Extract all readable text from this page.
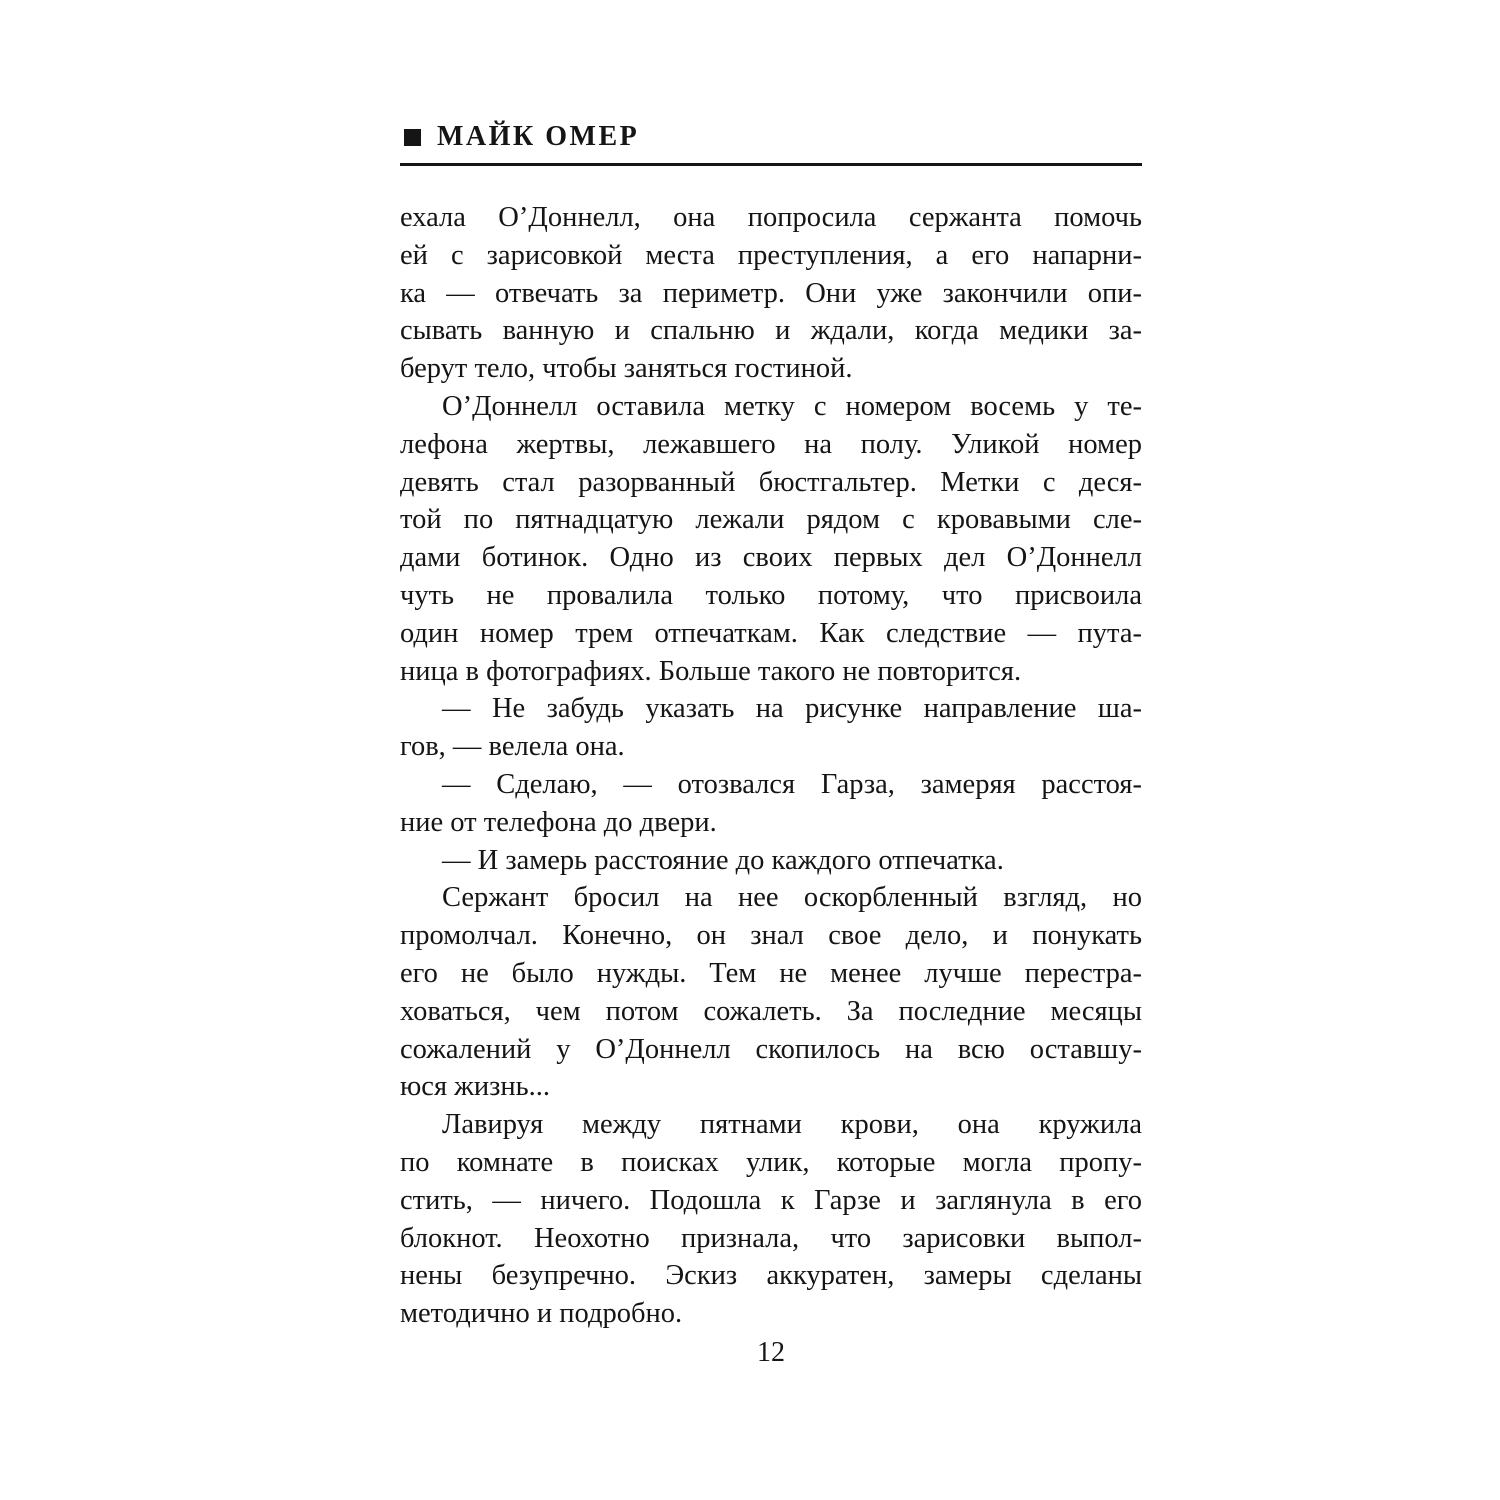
МАЙК ОМЕР
ехала О’Доннелл, она попросила сержанта помочь
ей с зарисовкой места преступления, а его напарни-
ка — отвечать за периметр. Они уже закончили опи-
сывать ванную и спальню и ждали, когда медики за-
берут тело, чтобы заняться гостиной.
О’Доннелл оставила метку с номером восемь у те-
лефона жертвы, лежавшего на полу. Уликой номер
девять стал разорванный бюстгальтер. Метки с деся-
той по пятнадцатую лежали рядом с кровавыми сле-
дами ботинок. Одно из своих первых дел О’Доннелл
чуть не провалила только потому, что присвоила
один номер трем отпечаткам. Как следствие — пута-
ница в фотографиях. Больше такого не повторится.
— Не забудь указать на рисунке направление ша-
гов, — велела она.
— Сделаю, — отозвался Гарза, замеряя расстоя-
ние от телефона до двери.
— И замерь расстояние до каждого отпечатка.
Сержант бросил на нее оскорбленный взгляд, но
промолчал. Конечно, он знал свое дело, и понукать
его не было нужды. Тем не менее лучше перестра-
ховаться, чем потом сожалеть. За последние месяцы
сожалений у О’Доннелл скопилось на всю оставшу-
юся жизнь...
Лавируя между пятнами крови, она кружила
по комнате в поисках улик, которые могла пропу-
стить, — ничего. Подошла к Гарзе и заглянула в его
блокнот. Неохотно признала, что зарисовки выпол-
нены безупречно. Эскиз аккуратен, замеры сделаны
методично и подробно.
12
